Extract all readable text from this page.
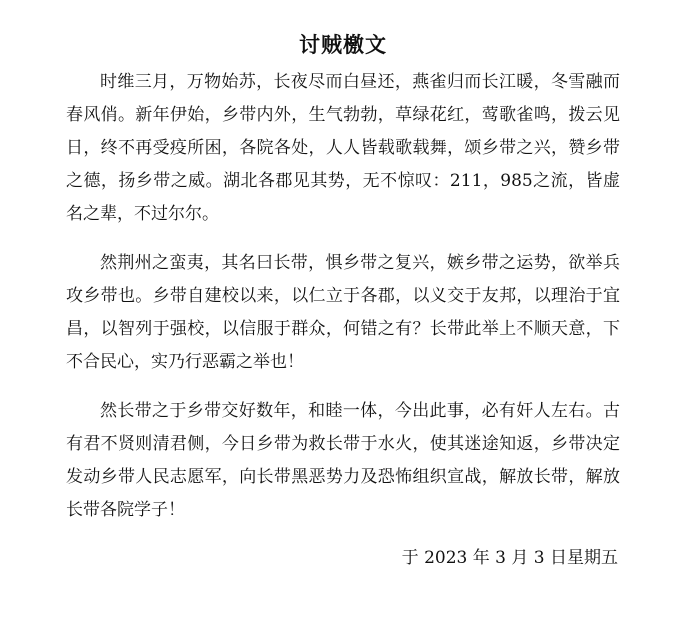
讨贼檄文

时维三月，万物始苏，长夜尽而白昼还，燕雀归而长江暖，冬雪融而春风俏。新年伊始，乡带内外，生气勃勃，草绿花红，莺歌雀鸣，拨云见日，终不再受疫所困，各院各处，人人皆载歌载舞，颂乡带之兴，赞乡带之德，扬乡带之威。湖北各郡见其势，无不惊叹：211，985之流，皆虚名之辈，不过尔尔。

然荆州之蛮夷，其名曰长带，惧乡带之复兴，嫉乡带之运势，欲举兵攻乡带也。乡带自建校以来，以仁立于各郡，以义交于友邦，以理治于宜昌，以智列于强校，以信服于群众，何错之有？长带此举上不顺天意，下不合民心，实乃行恶霸之举也！

然长带之于乡带交好数年，和睦一体，今出此事，必有奸人左右。古有君不贤则清君侧，今日乡带为救长带于水火，使其迷途知返，乡带决定发动乡带人民志愿军，向长带黑恶势力及恐怖组织宣战，解放长带，解放长带各院学子！

于 2023 年 3 月 3 日星期五
